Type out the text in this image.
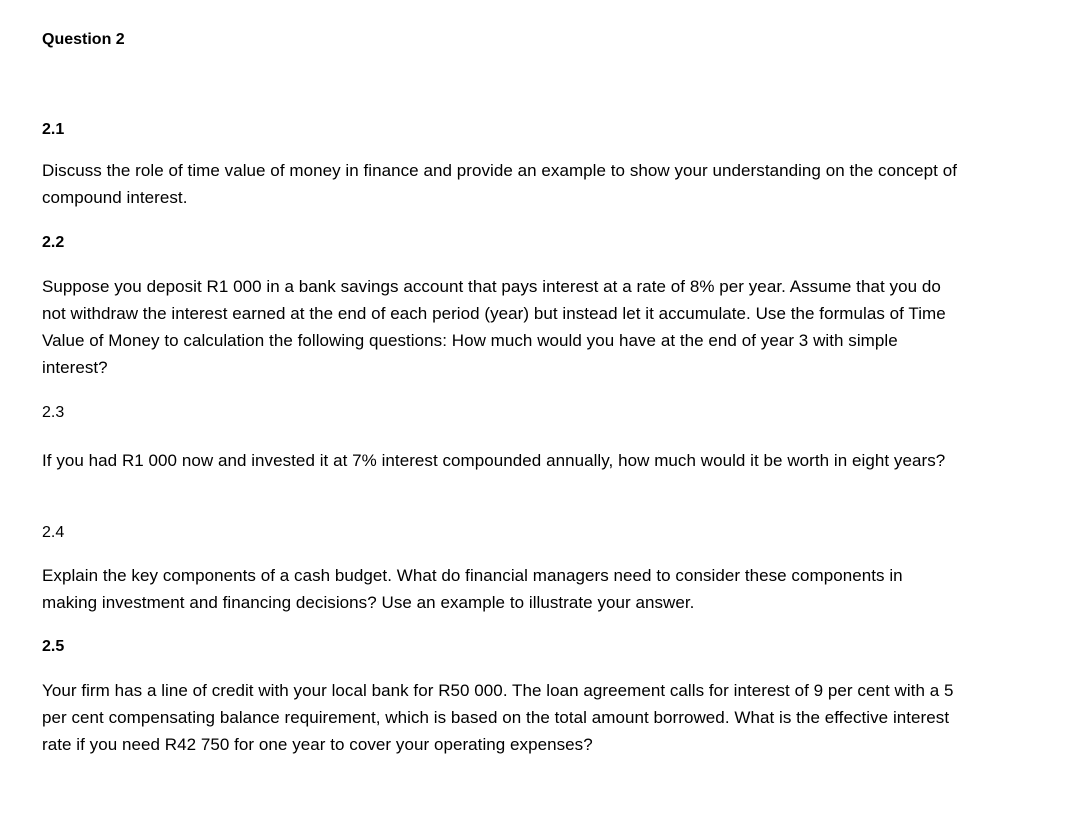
Question 2
2.1

Discuss the role of time value of money in finance and provide an example to show your understanding on the concept of compound interest.

2.2

Suppose you deposit R1 000 in a bank savings account that pays interest at a rate of 8% per year. Assume that you do not withdraw the interest earned at the end of each period (year) but instead let it accumulate. Use the formulas of Time Value of Money to calculation the following questions: How much would you have at the end of year 3 with simple interest?

2.3

If you had R1 000 now and invested it at 7% interest compounded annually, how much would it be worth in eight years?

2.4

Explain the key components of a cash budget. What do financial managers need to consider these components in making investment and financing decisions? Use an example to illustrate your answer.

2.5

Your firm has a line of credit with your local bank for R50 000. The loan agreement calls for interest of 9 per cent with a 5 per cent compensating balance requirement, which is based on the total amount borrowed. What is the effective interest rate if you need R42 750 for one year to cover your operating expenses?
